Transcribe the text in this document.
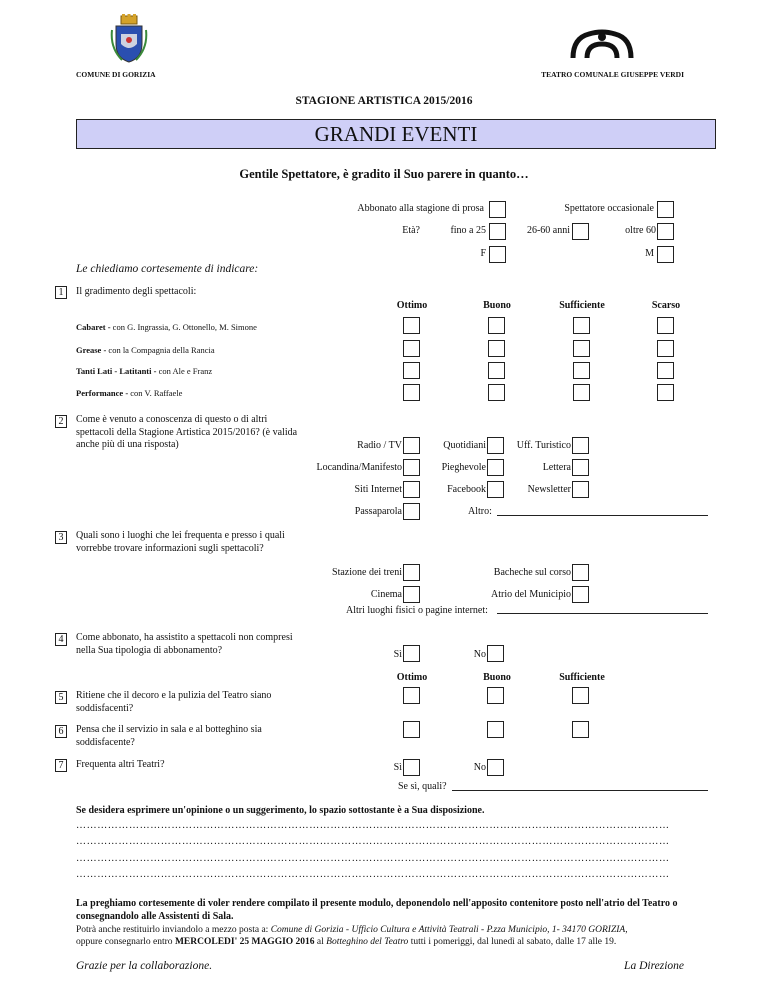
COMUNE DI GORIZIA	TEATRO COMUNALE GIUSEPPE VERDI
STAGIONE ARTISTICA 2015/2016
GRANDI EVENTI
Gentile Spettatore, è gradito il Suo parere in quanto…
Abbonato alla stagione di prosa	Spettatore occasionale
Età?	fino a 25	26-60 anni	oltre 60
F	M
Le chiediamo cortesemente di indicare:
1	Il gradimento degli spettacoli:
Ottimo	Buono	Sufficiente	Scarso
Cabaret - con G. Ingrassia, G. Ottonello, M. Simone
Grease - con la Compagnia della Rancia
Tanti Lati - Latitanti - con Ale e Franz
Performance - con V. Raffaele
2	Come è venuto a conoscenza di questo o di altri spettacoli della Stagione Artistica 2015/2016? (è valida anche più di una risposta)	Radio / TV	Quotidiani	Uff. Turistico
Locandina/Manifesto	Pieghevole	Lettera
Siti Internet	Facebook	Newsletter
Passaparola	Altro:
3	Quali sono i luoghi che lei frequenta e presso i quali vorrebbe trovare informazioni sugli spettacoli?
Stazione dei treni	Bacheche sul corso
Cinema	Atrio del Municipio
Altri luoghi fisici o pagine internet:
4	Come abbonato, ha assistito a spettacoli non compresi nella Sua tipologia di abbonamento?	Sì	No
Ottimo	Buono	Sufficiente
5	Ritiene che il decoro e la pulizia del Teatro siano soddisfacenti?
6	Pensa che il servizio in sala e al botteghino sia soddisfacente?
7	Frequenta altri Teatri?	Sì	No
Se sì, quali?
Se desidera esprimere un'opinione o un suggerimento, lo spazio sottostante è a Sua disposizione.
……………………………………………………………………………………………………………………………………………………
……………………………………………………………………………………………………………………………………………………
……………………………………………………………………………………………………………………………………………………
……………………………………………………………………………………………………………………………………………………
La preghiamo cortesemente di voler rendere compilato il presente modulo, deponendolo nell'apposito contenitore posto nell'atrio del Teatro o consegnandolo alle Assistenti di Sala.
Potrà anche restituirlo inviandolo a mezzo posta a: Comune di Gorizia - Ufficio Cultura e Attività Teatrali - P.zza Municipio, 1- 34170 GORIZIA,
oppure consegnarlo entro MERCOLEDI' 25 MAGGIO 2016 al Botteghino del Teatro tutti i pomeriggi, dal lunedì al sabato, dalle 17 alle 19.
Grazie per la collaborazione.	La Direzione
